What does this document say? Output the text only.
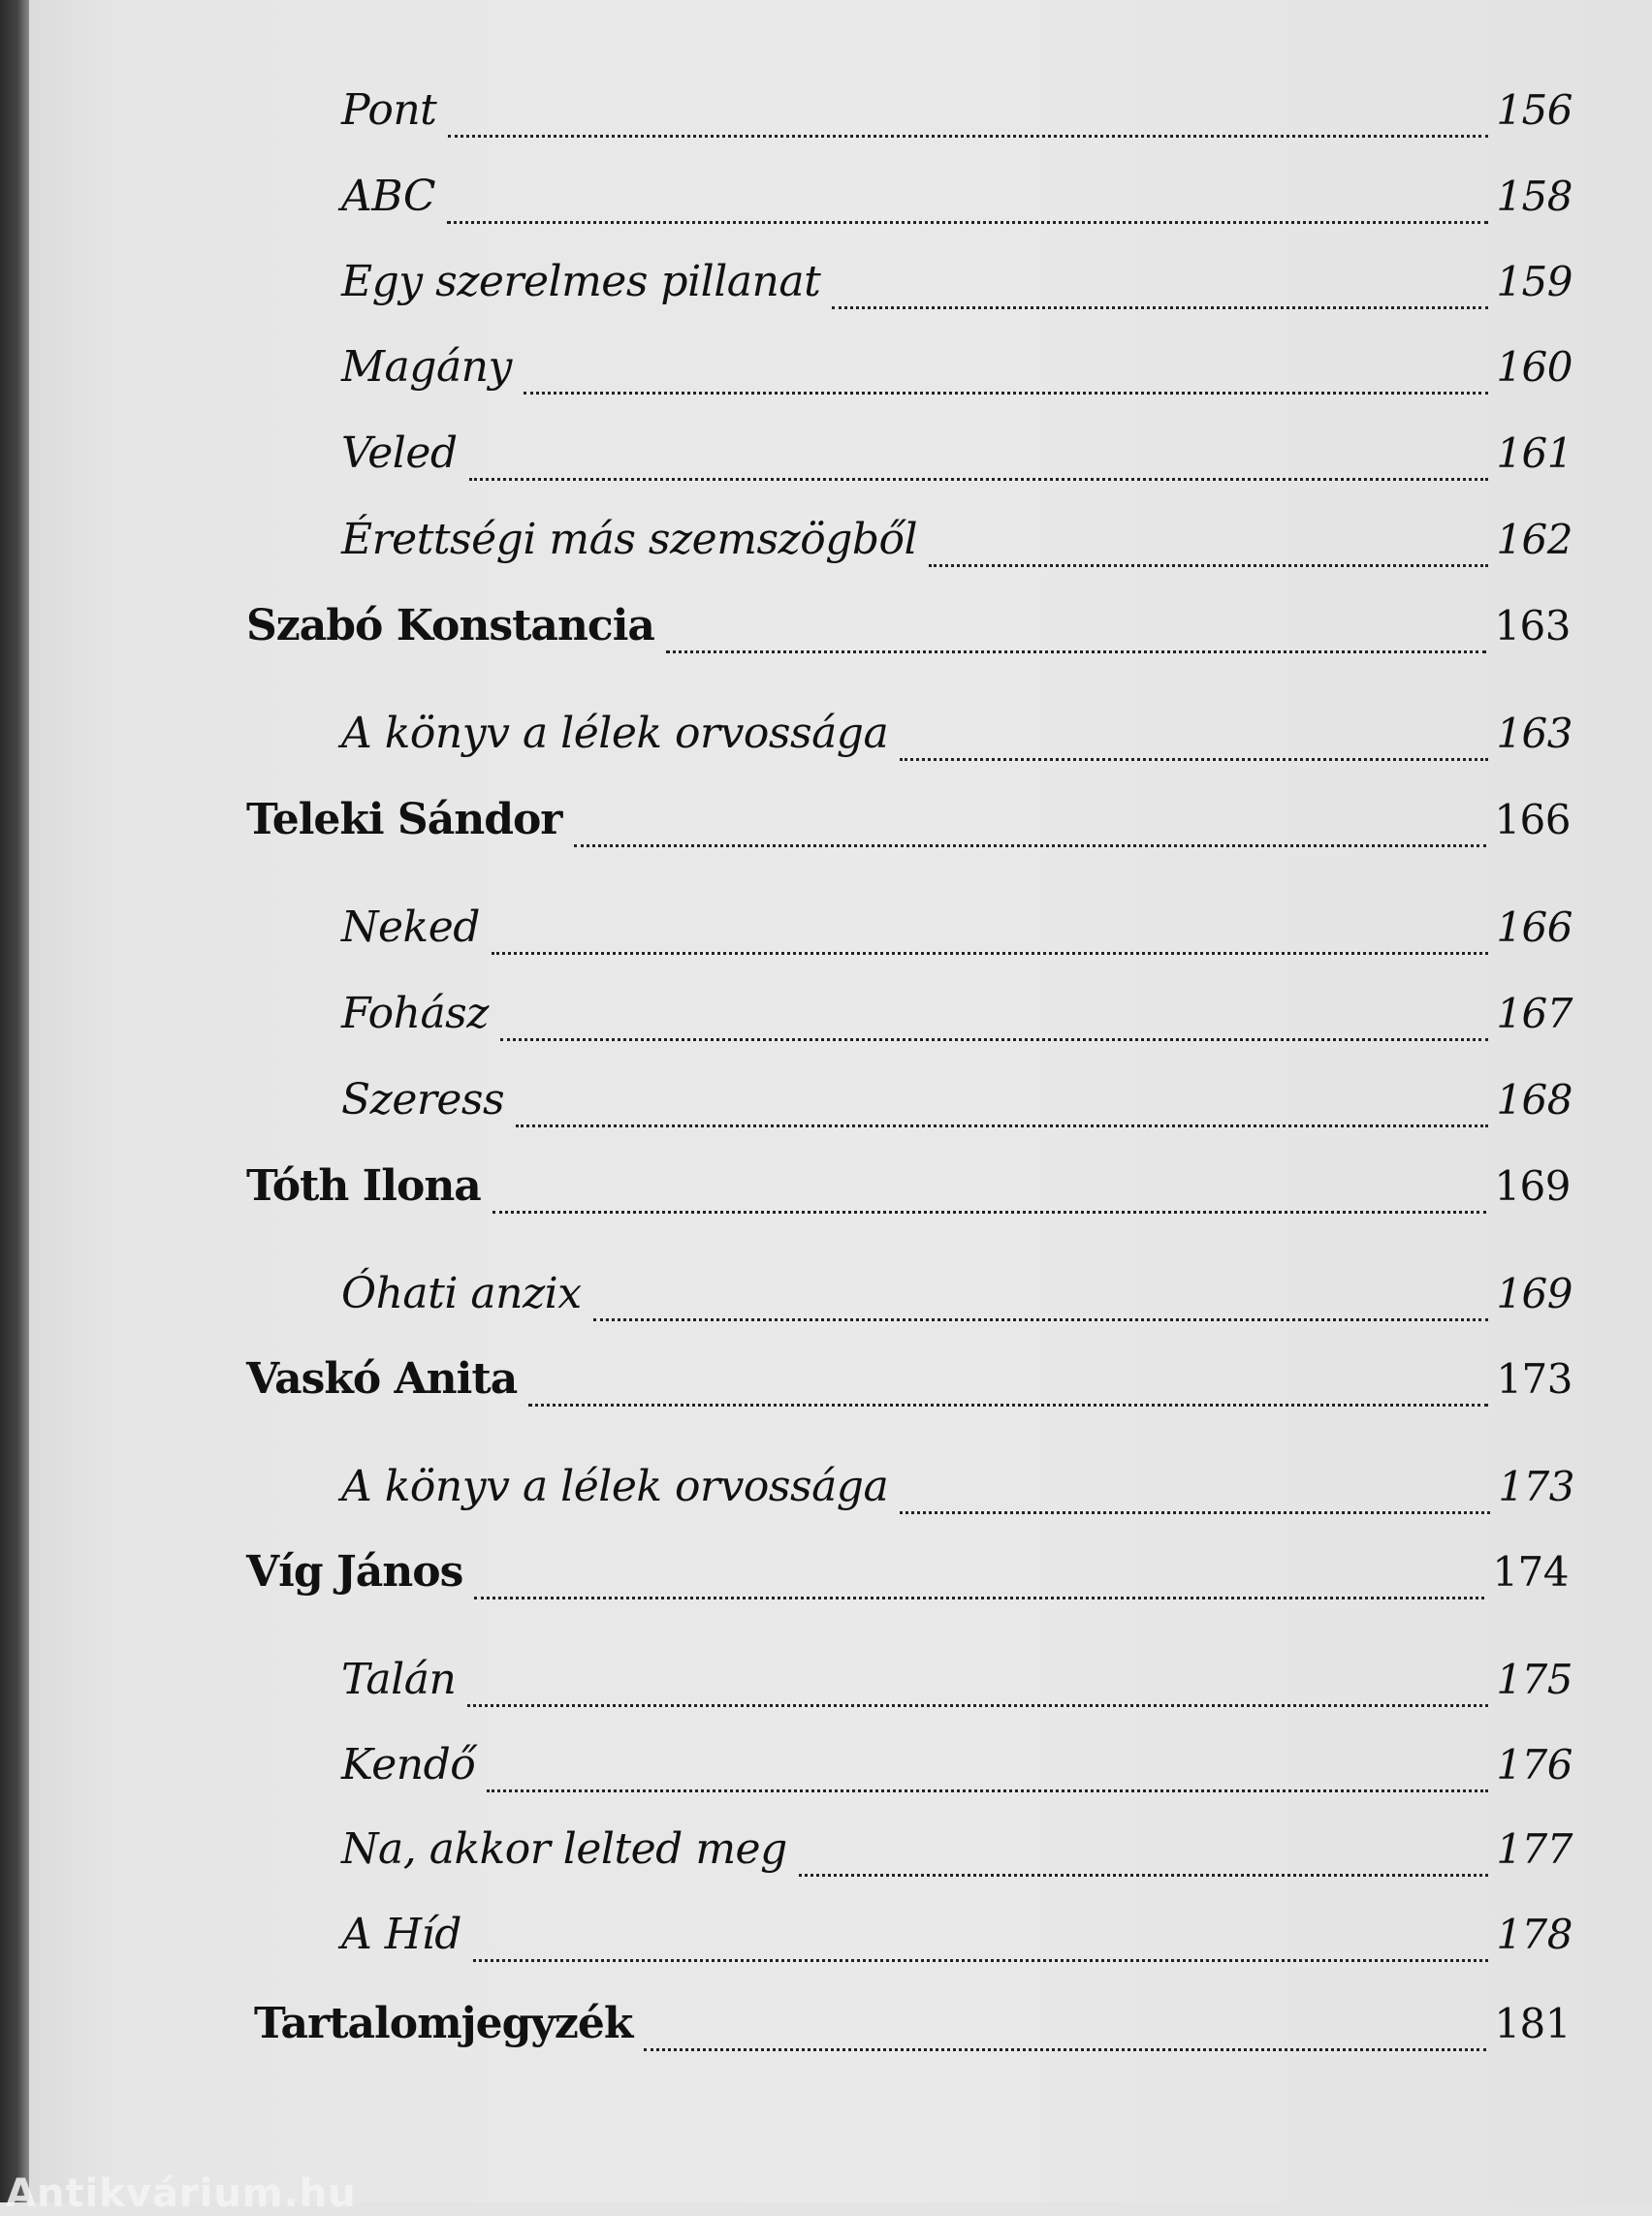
Pont	156
ABC	158
Egy szerelmes pillanat	159
Magány	160
Veled	161
Érettségi más szemszögből	162
Szabó Konstancia	163
A könyv a lélek orvossága	163
Teleki Sándor	166
Neked	166
Fohász	167
Szeress	168
Tóth Ilona	169
Óhati anzix	169
Vaskó Anita	173
A könyv a lélek orvossága	173
Víg János	174
Talán	175
Kendő	176
Na, akkor lelted meg	177
A Híd	178
Tartalomjegyzék	181
Antikvárium.hu
